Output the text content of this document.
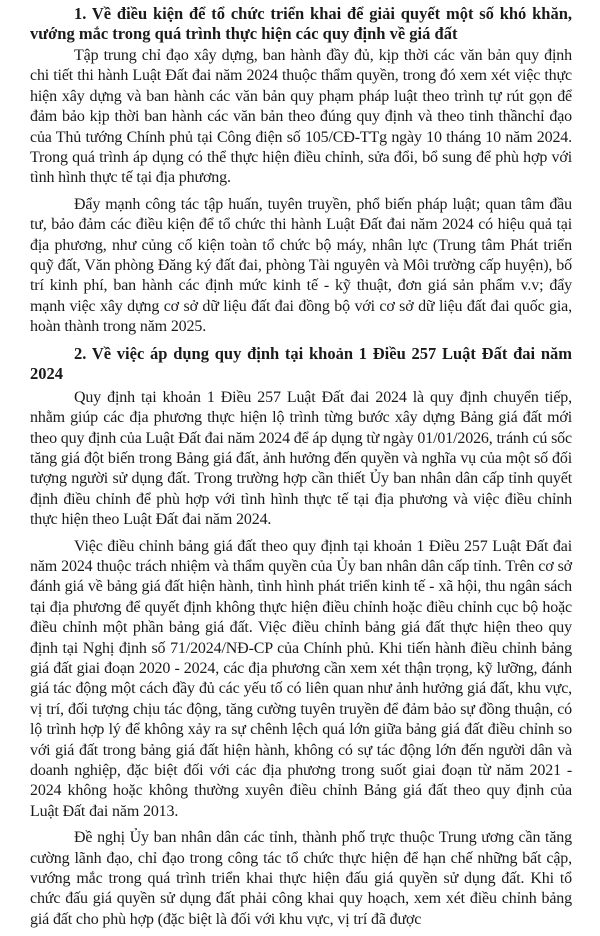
1. Về điều kiện để tổ chức triển khai để giải quyết một số khó khăn, vướng mắc trong quá trình thực hiện các quy định về giá đất

Tập trung chỉ đạo xây dựng, ban hành đầy đủ, kịp thời các văn bản quy định chi tiết thi hành Luật Đất đai năm 2024 thuộc thẩm quyền, trong đó xem xét việc thực hiện xây dựng và ban hành các văn bản quy phạm pháp luật theo trình tự rút gọn để đảm bảo kịp thời ban hành các văn bản theo đúng quy định và theo tinh thầnchỉ đạo của Thủ tướng Chính phủ tại Công điện số 105/CĐ-TTg ngày 10 tháng 10 năm 2024. Trong quá trình áp dụng có thể thực hiện điều chỉnh, sửa đổi, bổ sung để phù hợp với tình hình thực tế tại địa phương.

Đẩy mạnh công tác tập huấn, tuyên truyền, phổ biến pháp luật; quan tâm đầu tư, bảo đảm các điều kiện để tổ chức thi hành Luật Đất đai năm 2024 có hiệu quả tại địa phương, như củng cố kiện toàn tổ chức bộ máy, nhân lực (Trung tâm Phát triển quỹ đất, Văn phòng Đăng ký đất đai, phòng Tài nguyên và Môi trường cấp huyện), bố trí kinh phí, ban hành các định mức kinh tế - kỹ thuật, đơn giá sản phẩm v.v; đẩy mạnh việc xây dựng cơ sở dữ liệu đất đai đồng bộ với cơ sở dữ liệu đất đai quốc gia, hoàn thành trong năm 2025.

2. Về việc áp dụng quy định tại khoản 1 Điều 257 Luật Đất đai năm 2024

Quy định tại khoản 1 Điều 257 Luật Đất đai 2024 là quy định chuyển tiếp, nhằm giúp các địa phương thực hiện lộ trình từng bước xây dựng Bảng giá đất mới theo quy định của Luật Đất đai năm 2024 để áp dụng từ ngày 01/01/2026, tránh cú sốc tăng giá đột biến trong Bảng giá đất, ảnh hưởng đến quyền và nghĩa vụ của một số đối tượng người sử dụng đất. Trong trường hợp cần thiết Ủy ban nhân dân cấp tỉnh quyết định điều chỉnh để phù hợp với tình hình thực tế tại địa phương và việc điều chỉnh thực hiện theo Luật Đất đai năm 2024.

Việc điều chỉnh bảng giá đất theo quy định tại khoản 1 Điều 257 Luật Đất đai năm 2024 thuộc trách nhiệm và thẩm quyền của Ủy ban nhân dân cấp tỉnh. Trên cơ sở đánh giá về bảng giá đất hiện hành, tình hình phát triển kinh tế - xã hội, thu ngân sách tại địa phương để quyết định không thực hiện điều chỉnh hoặc điều chỉnh cục bộ hoặc điều chỉnh một phần bảng giá đất. Việc điều chỉnh bảng giá đất thực hiện theo quy định tại Nghị định số 71/2024/NĐ-CP của Chính phủ. Khi tiến hành điều chỉnh bảng giá đất giai đoạn 2020 - 2024, các địa phương cần xem xét thận trọng, kỹ lưỡng, đánh giá tác động một cách đầy đủ các yếu tố có liên quan như ảnh hưởng giá đất, khu vực, vị trí, đối tượng chịu tác động, tăng cường tuyên truyền để đảm bảo sự đồng thuận, có lộ trình hợp lý để không xảy ra sự chênh lệch quá lớn giữa bảng giá đất điều chỉnh so với giá đất trong bảng giá đất hiện hành, không có sự tác động lớn đến người dân và doanh nghiệp, đặc biệt đối với các địa phương trong suốt giai đoạn từ năm 2021 - 2024 không hoặc không thường xuyên điều chỉnh Bảng giá đất theo quy định của Luật Đất đai năm 2013.

Đề nghị Ủy ban nhân dân các tỉnh, thành phố trực thuộc Trung ương cần tăng cường lãnh đạo, chỉ đạo trong công tác tổ chức thực hiện để hạn chế những bất cập, vướng mắc trong quá trình triển khai thực hiện đấu giá quyền sử dụng đất. Khi tổ chức đấu giá quyền sử dụng đất phải công khai quy hoạch, xem xét điều chỉnh bảng giá đất cho phù hợp (đặc biệt là đối với khu vực, vị trí đã được
